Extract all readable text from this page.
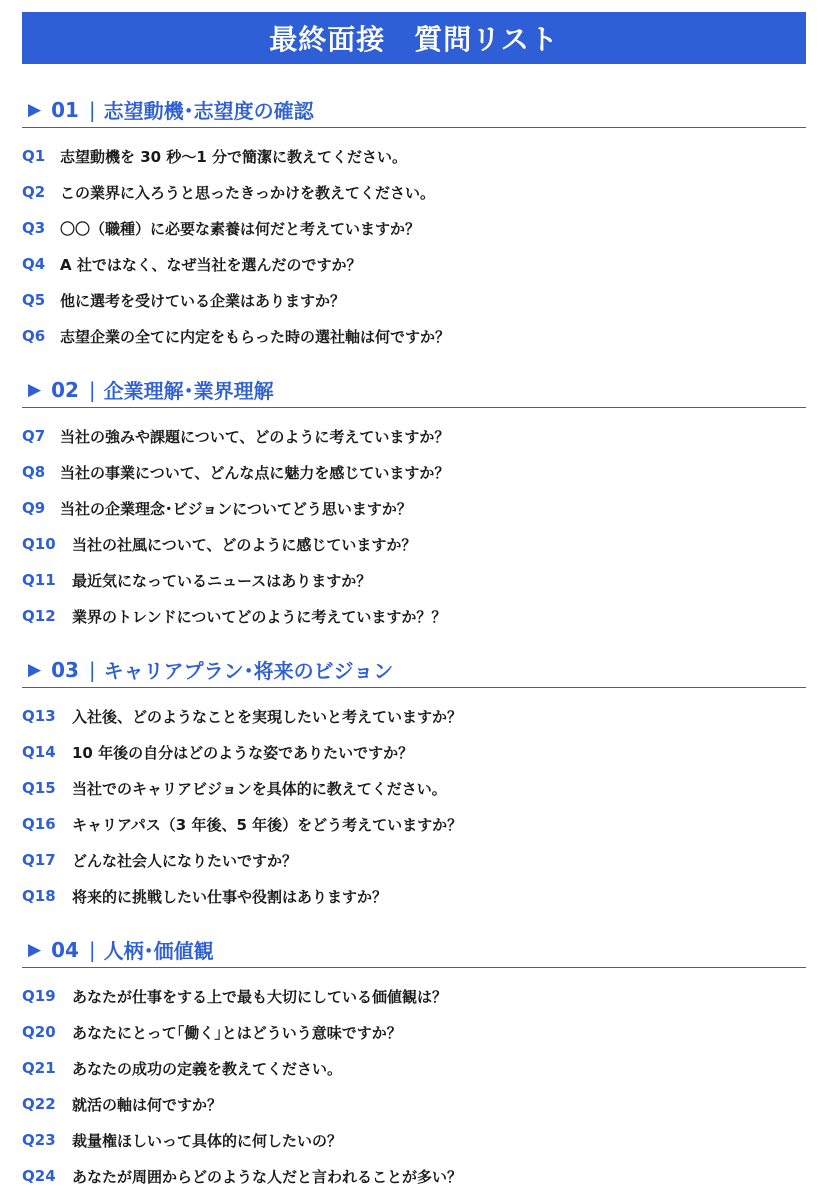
最終面接　質問リスト
▶ 01 | 志望動機･志望度の確認
Q1 志望動機を 30 秒〜1 分で簡潔に教えてください。
Q2 この業界に入ろうと思ったきっかけを教えてください。
Q3 〇〇（職種）に必要な素養は何だと考えていますか？
Q4 A 社ではなく、なぜ当社を選んだのですか？
Q5 他に選考を受けている企業はありますか？
Q6 志望企業の全てに内定をもらった時の選社軸は何ですか？
▶ 02 | 企業理解･業界理解
Q7 当社の強みや課題について、どのように考えていますか？
Q8 当社の事業について、どんな点に魅力を感じていますか？
Q9 当社の企業理念･ビジョンについてどう思いますか？
Q10	当社の社風について、どのように感じていますか？
Q11	最近気になっているニュースはありますか？
Q12	業界のトレンドについてどのように考えていますか？？
▶ 03 | キャリアプラン･将来のビジョン
Q13	入社後、どのようなことを実現したいと考えていますか？
Q14	10 年後の自分はどのような姿でありたいですか？
Q15	当社でのキャリアビジョンを具体的に教えてください。
Q16	キャリアパス（3 年後、5 年後）をどう考えていますか？
Q17	どんな社会人になりたいですか？
Q18	将来的に挑戦したい仕事や役割はありますか？
▶ 04 | 人柄･価値観
Q19	あなたが仕事をする上で最も大切にしている価値観は？
Q20	あなたにとって｢働く｣とはどういう意味ですか？
Q21	あなたの成功の定義を教えてください。
Q22	就活の軸は何ですか？
Q23	裁量権ほしいって具体的に何したいの？
Q24	あなたが周囲からどのような人だと言われることが多い？
